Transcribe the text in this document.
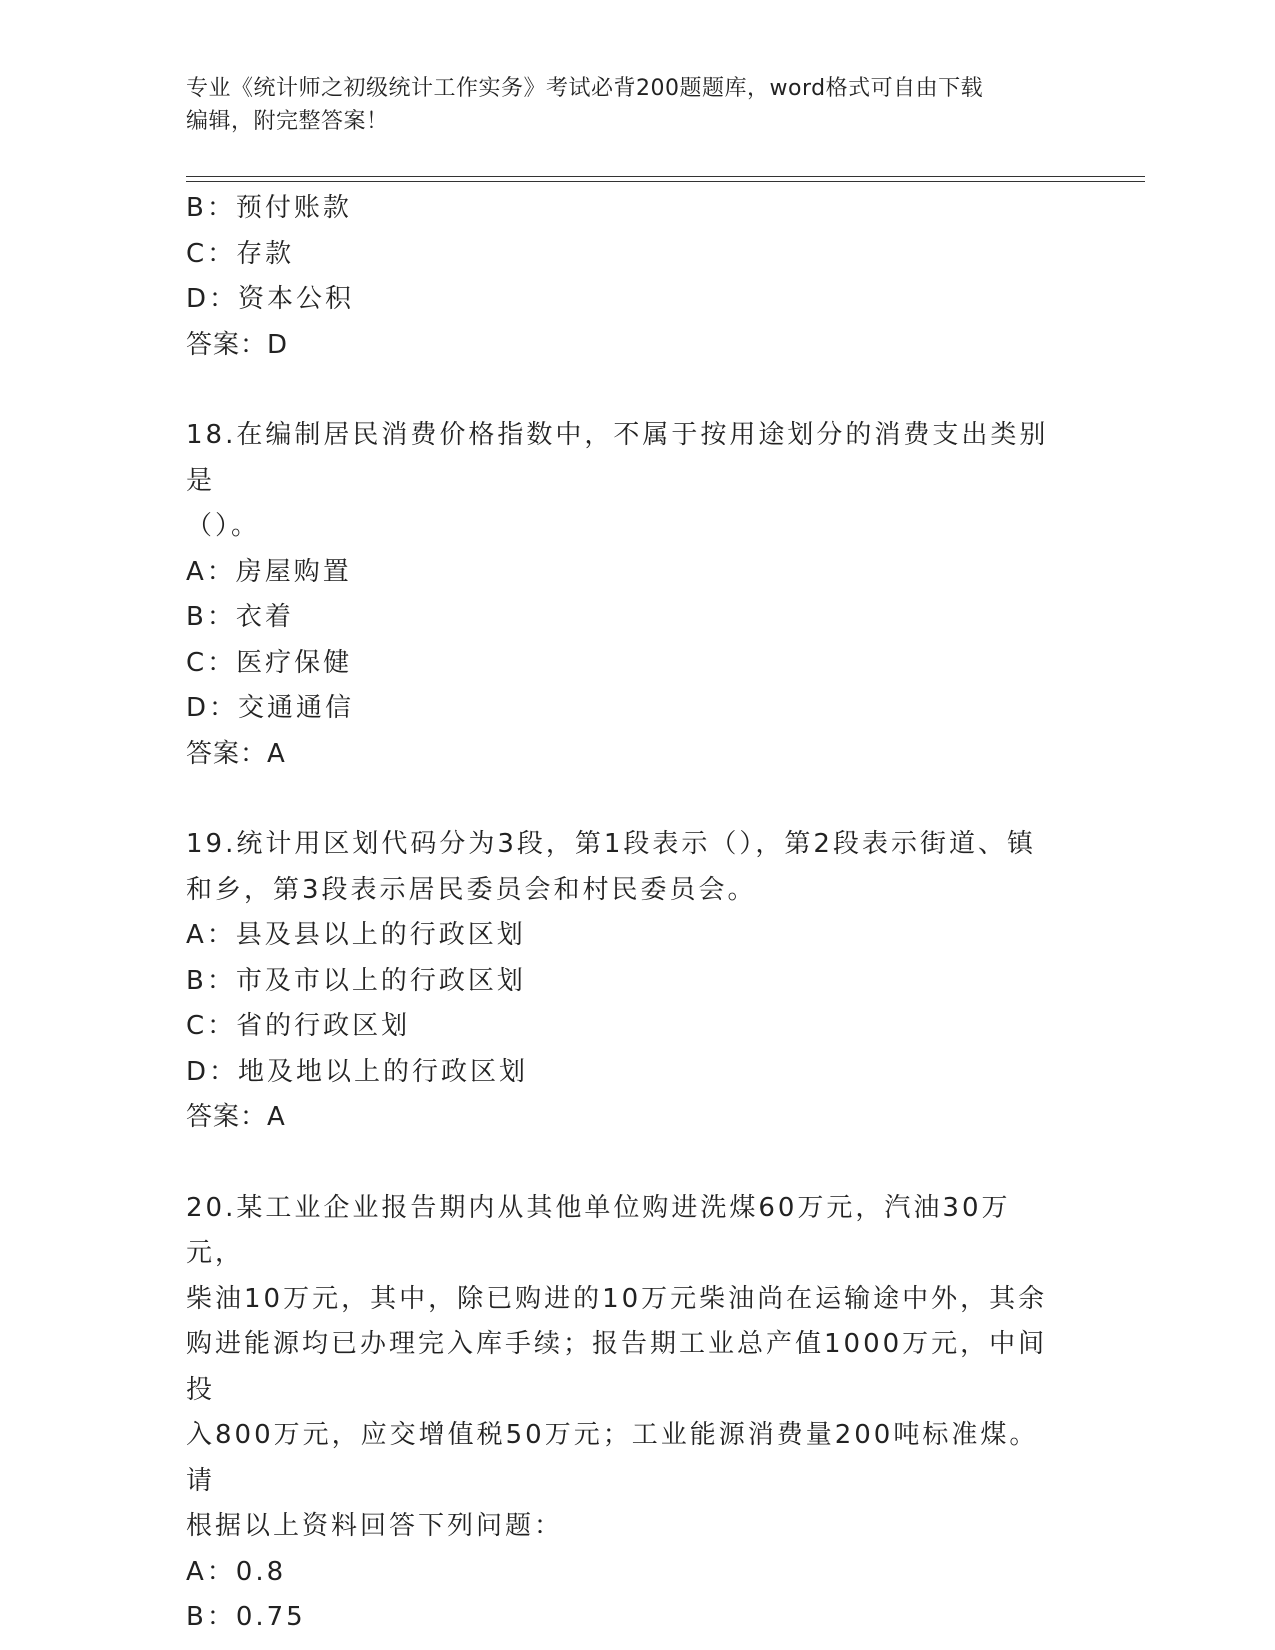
专业《统计师之初级统计工作实务》考试必背200题题库，word格式可自由下载
编辑，附完整答案！
B：预付账款
C：存款
D：资本公积
答案：D
18.在编制居民消费价格指数中，不属于按用途划分的消费支出类别是
（）。
A：房屋购置
B：衣着
C：医疗保健
D：交通通信
答案：A
19.统计用区划代码分为3段，第1段表示（），第2段表示街道、镇
和乡，第3段表示居民委员会和村民委员会。
A：县及县以上的行政区划
B：市及市以上的行政区划
C：省的行政区划
D：地及地以上的行政区划
答案：A
20.某工业企业报告期内从其他单位购进洗煤60万元，汽油30万元，
柴油10万元，其中，除已购进的10万元柴油尚在运输途中外，其余
购进能源均已办理完入库手续；报告期工业总产值1000万元，中间投
入800万元，应交增值税50万元；工业能源消费量200吨标准煤。请
根据以上资料回答下列问题：
A：0.8
B：0.75
